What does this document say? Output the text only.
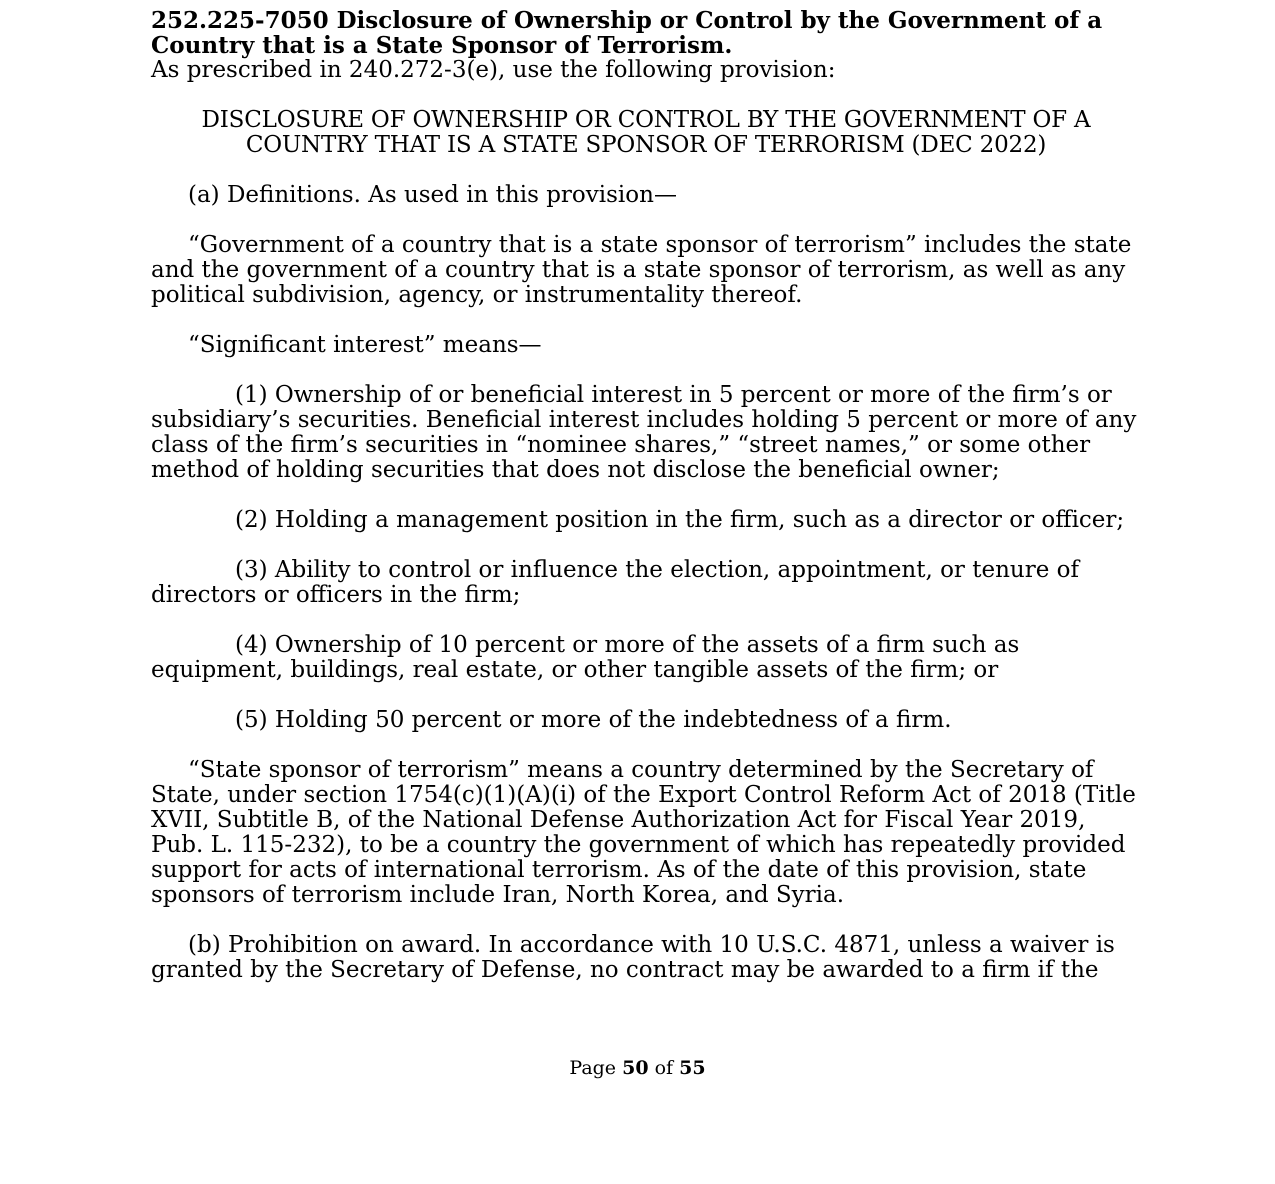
252.225-7050 Disclosure of Ownership or Control by the Government of a
Country that is a State Sponsor of Terrorism.

As prescribed in 240.272-3(e), use the following provision:

DISCLOSURE OF OWNERSHIP OR CONTROL BY THE GOVERNMENT OF A
COUNTRY THAT IS A STATE SPONSOR OF TERRORISM (DEC 2022)

(a) Definitions. As used in this provision—

“Government of a country that is a state sponsor of terrorism” includes the state and the government of a country that is a state sponsor of terrorism, as well as any political subdivision, agency, or instrumentality thereof.

“Significant interest” means—

(1) Ownership of or beneficial interest in 5 percent or more of the firm’s or subsidiary’s securities. Beneficial interest includes holding 5 percent or more of any class of the firm’s securities in “nominee shares,” “street names,” or some other method of holding securities that does not disclose the beneficial owner;

(2) Holding a management position in the firm, such as a director or officer;

(3) Ability to control or influence the election, appointment, or tenure of directors or officers in the firm;

(4) Ownership of 10 percent or more of the assets of a firm such as equipment, buildings, real estate, or other tangible assets of the firm; or

(5) Holding 50 percent or more of the indebtedness of a firm.

“State sponsor of terrorism” means a country determined by the Secretary of State, under section 1754(c)(1)(A)(i) of the Export Control Reform Act of 2018 (Title XVII, Subtitle B, of the National Defense Authorization Act for Fiscal Year 2019, Pub. L. 115-232), to be a country the government of which has repeatedly provided support for acts of international terrorism. As of the date of this provision, state sponsors of terrorism include Iran, North Korea, and Syria.

(b) Prohibition on award. In accordance with 10 U.S.C. 4871, unless a waiver is granted by the Secretary of Defense, no contract may be awarded to a firm if the

Page 50 of 55
